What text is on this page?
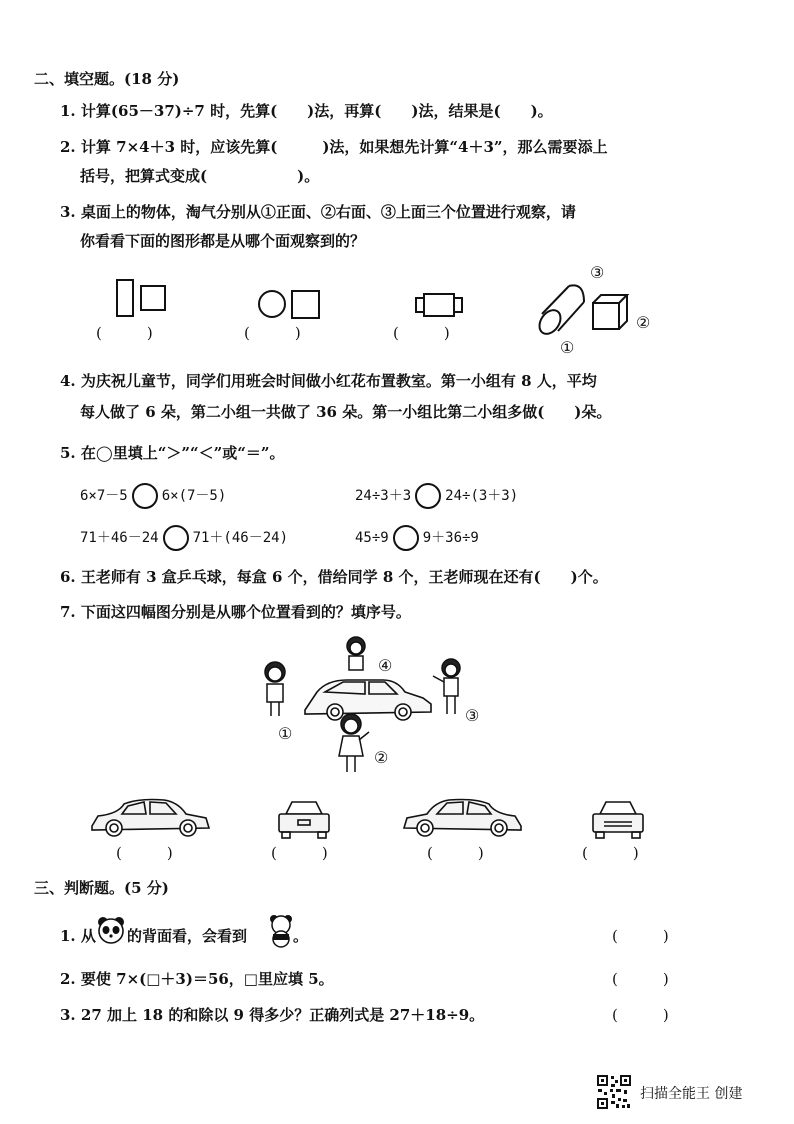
二、填空题。(18 分)
1. 计算(65－37)÷7 时，先算(　　)法，再算(　　)法，结果是(　　)。
2. 计算 7×4＋3 时，应该先算(　　　)法，如果想先计算“4＋3”，那么需要添上
括号，把算式变成(　　　　　　)。
3. 桌面上的物体，淘气分别从①正面、②右面、③上面三个位置进行观察，请
你看看下面的图形都是从哪个面观察到的？
③
②
①
(　　　)	(　　　)	(　　　)
4. 为庆祝儿童节，同学们用班会时间做小红花布置教室。第一小组有 8 人，平均
每人做了 6 朵，第二小组一共做了 36 朵。第一小组比第二小组多做(　　)朵。
5. 在◯里填上“＞”“＜”或“＝”。
6×7－5 6×(7－5)	24÷3＋3 24÷(3＋3)
71＋46－24 71＋(46－24)	45÷9 9＋36÷9
6. 王老师有 3 盒乒乓球，每盒 6 个，借给同学 8 个，王老师现在还有(　　)个。
7. 下面这四幅图分别是从哪个位置看到的？填序号。
①
②
③
④
(　　　)	(　　　)	(　　　)	(　　　)
三、判断题。(5 分)
1. 从 的背面看，会看到	。	(　　　)
2. 要使 7×(□＋3)＝56，□里应填 5。	(　　　)
3. 27 加上 18 的和除以 9 得多少？正确列式是 27＋18÷9。	(　　　)
扫描全能王 创建
